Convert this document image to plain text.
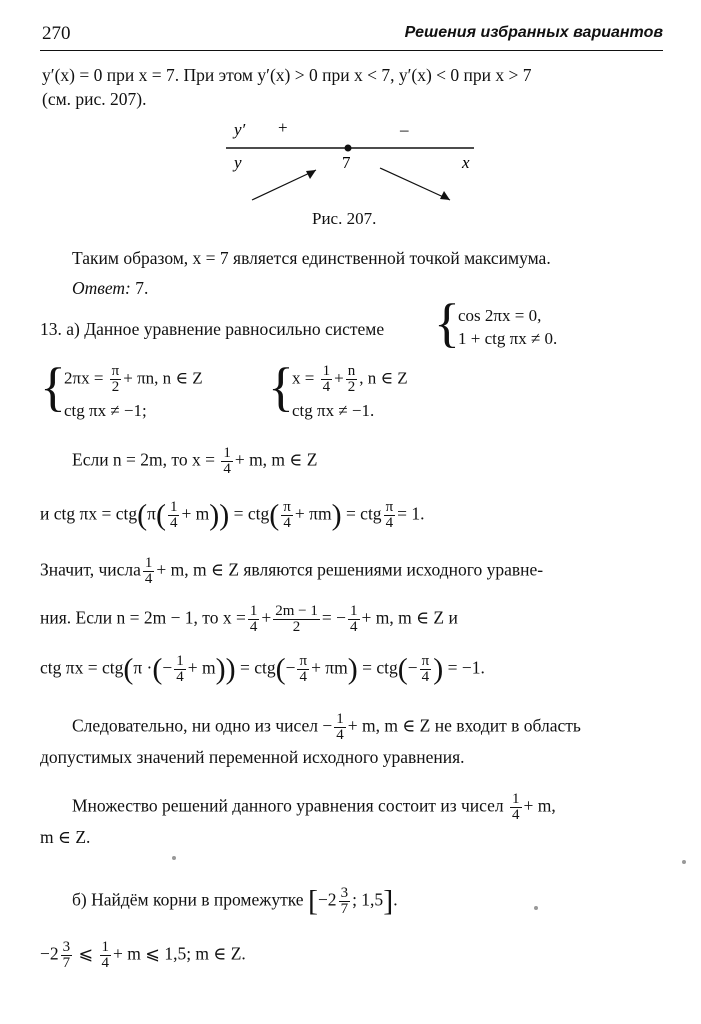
270	Решения избранных вариантов
y′(x) = 0 при x = 7. При этом y′(x) > 0 при x < 7, y′(x) < 0 при x > 7
(см. рис. 207).
y′ +	–
y	7	x
Рис. 207.
Таким образом, x = 7 является единственной точкой максимума.
Ответ: 7.
13. а) Данное уравнение равносильно системе {
cos 2πx = 0,
1 + ctg πx ≠ 0.
{
$2\pi x = \frac{\pi}{2} + \pi n$, n ∈ Z
ctg πx ≠ −1; {
$x = \frac{1}{4} + \frac{n}{2}$ , n ∈ Z
ctg πx ≠ −1.
Если n = 2m, то $x = \frac{1}{4} + m$, m ∈ Z
и ctg $\pi x = ctg(\pi( \frac{1}{4} + m)) = ctg( \frac{\pi}{4} + \pi m)$ = ctg $\frac{\pi}{4} = 1$.
Значит, числа $\frac{1}{4} + m$, m ∈ Z являются решениями исходного уравне-
ния. Если n = 2m − 1, то $x = \frac{1}{4} + \frac{2m - 1}{2}$ = − $\frac{1}{4} + m$, m ∈ Z и
ctg πx = ctg(π ·(− $\frac{1}{4} + m)) = ctg(- \frac{\pi}{4} + \pi m) = ctg(- \frac{\pi}{4}$ ) = −1.
Следовательно, ни одно из чисел − $\frac{1}{4} + m$, m ∈ Z не входит в область
допустимых значений переменной исходного уравнения.
Множество решений данного уравнения состоит из чисел $\frac{1}{4} + m$,
m ∈ Z.
б) Найдём корни в промежутке [$-2 \frac{3}{7}$ ; 1,5].
$-2 \frac{3}{7}$ ⩽ $\frac{1}{4} + m$ ⩽ 1,5; m ∈ Z.
